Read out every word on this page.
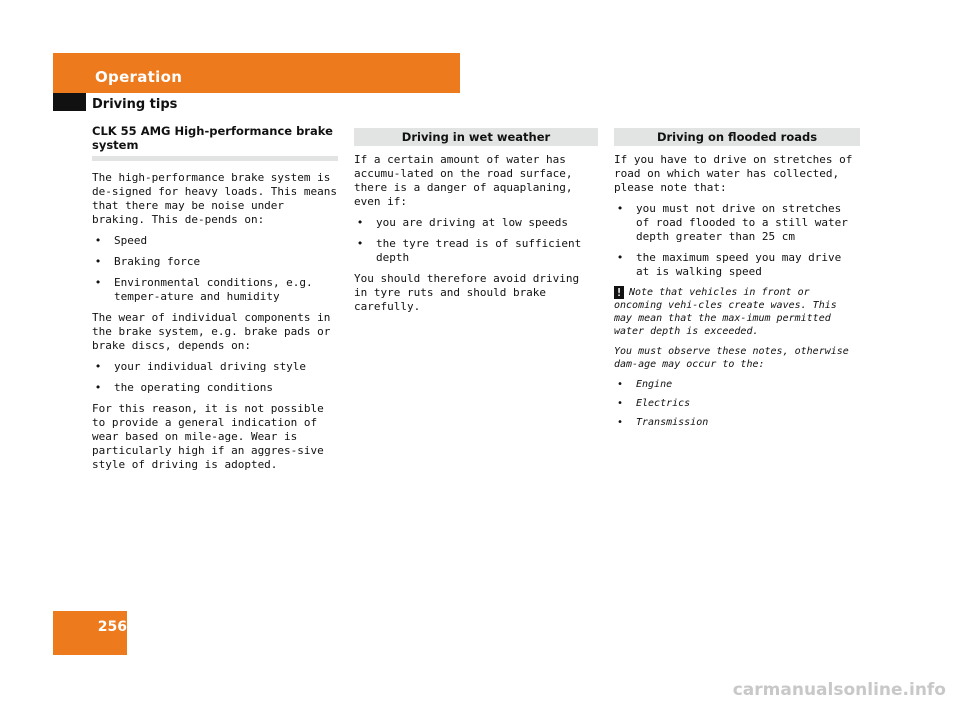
Operation
Driving tips
CLK 55 AMG High-performance brake system

The high-performance brake system is de-signed for heavy loads. This means that there may be noise under braking. This de-pends on:

• Speed
• Braking force
• Environmental conditions, e.g. temper-ature and humidity

The wear of individual components in the brake system, e.g. brake pads or brake discs, depends on:

• your individual driving style
• the operating conditions

For this reason, it is not possible to provide a general indication of wear based on mile-age. Wear is particularly high if an aggres-sive style of driving is adopted.

Driving in wet weather

If a certain amount of water has accumu-lated on the road surface, there is a danger of aquaplaning, even if:

• you are driving at low speeds
• the tyre tread is of sufficient depth

You should therefore avoid driving in tyre ruts and should brake carefully.

Driving on flooded roads

If you have to drive on stretches of road on which water has collected, please note that:

• you must not drive on stretches of road flooded to a still water depth greater than 25 cm
• the maximum speed you may drive at is walking speed
! Note that vehicles in front or oncoming vehi-cles create waves. This may mean that the max-imum permitted water depth is exceeded.
You must observe these notes, otherwise dam-age may occur to the:
• Engine
• Electrics
• Transmission
256
carmanualsonline.info
